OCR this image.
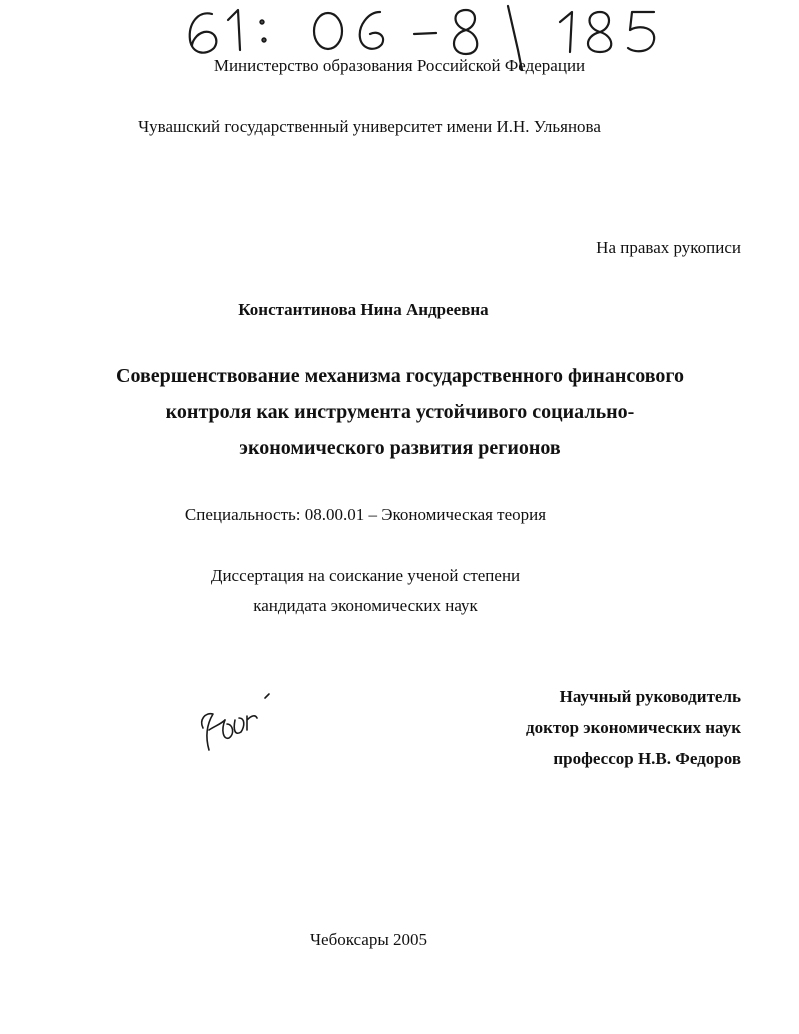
Министерство образования Российской Федерации
Чувашский государственный университет имени И.Н. Ульянова
На правах рукописи
Константинова Нина Андреевна
Совершенствование механизма государственного финансового
контроля как инструмента устойчивого социально-
экономического развития регионов
Специальность: 08.00.01 – Экономическая теория
Диссертация на соискание ученой степени
кандидата экономических наук
Научный руководитель
доктор экономических наук
профессор Н.В. Федоров
Чебоксары 2005
